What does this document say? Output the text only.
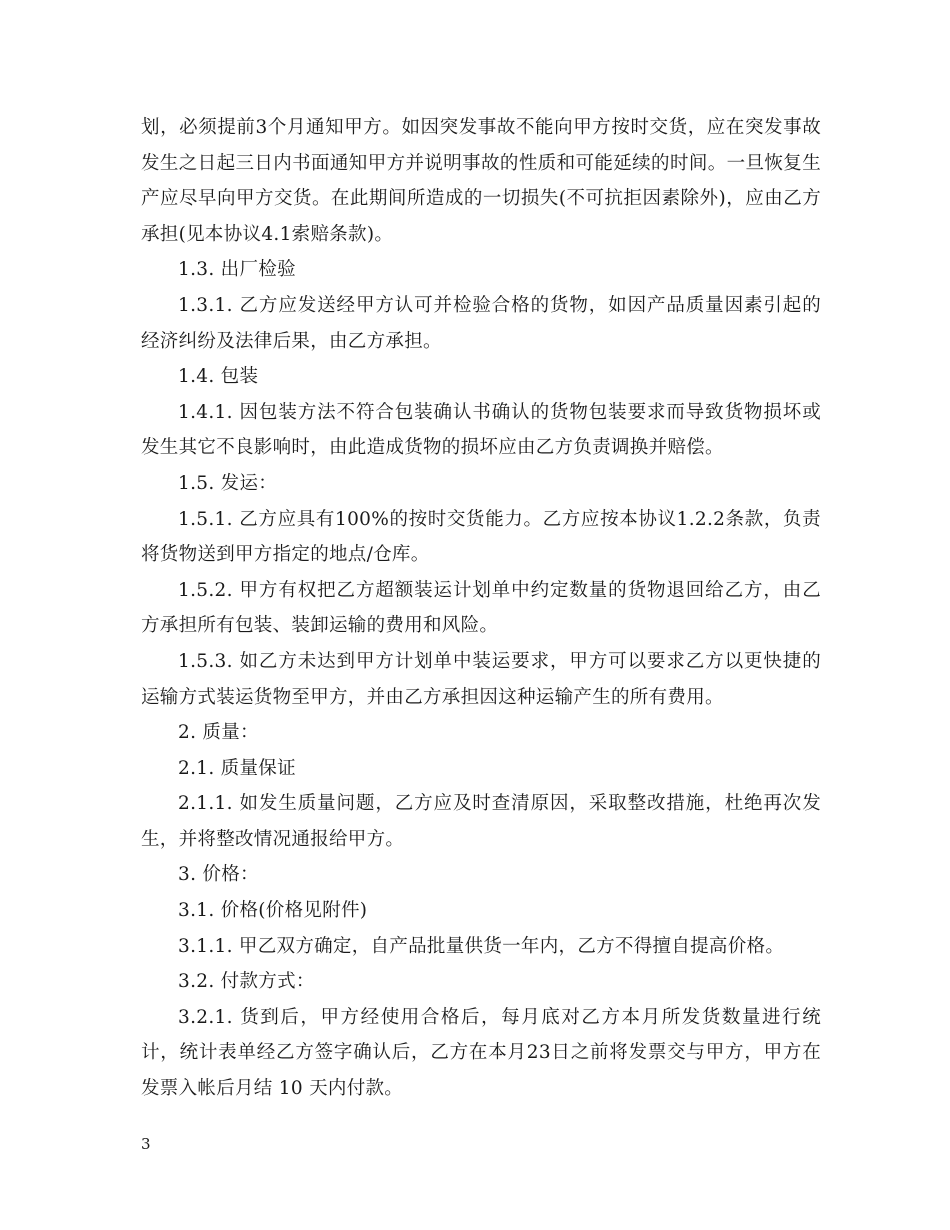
划，必须提前3个月通知甲方。如因突发事故不能向甲方按时交货，应在突发事故发生之日起三日内书面通知甲方并说明事故的性质和可能延续的时间。一旦恢复生产应尽早向甲方交货。在此期间所造成的一切损失(不可抗拒因素除外)，应由乙方承担(见本协议4.1索赔条款)。

1.3. 出厂检验

1.3.1. 乙方应发送经甲方认可并检验合格的货物，如因产品质量因素引起的经济纠纷及法律后果，由乙方承担。

1.4. 包装

1.4.1. 因包装方法不符合包装确认书确认的货物包装要求而导致货物损坏或发生其它不良影响时，由此造成货物的损坏应由乙方负责调换并赔偿。

1.5. 发运：

1.5.1. 乙方应具有100%的按时交货能力。乙方应按本协议1.2.2条款，负责将货物送到甲方指定的地点/仓库。

1.5.2. 甲方有权把乙方超额装运计划单中约定数量的货物退回给乙方，由乙方承担所有包装、装卸运输的费用和风险。

1.5.3. 如乙方未达到甲方计划单中装运要求，甲方可以要求乙方以更快捷的运输方式装运货物至甲方，并由乙方承担因这种运输产生的所有费用。

2. 质量：

2.1. 质量保证

2.1.1. 如发生质量问题，乙方应及时查清原因，采取整改措施，杜绝再次发生，并将整改情况通报给甲方。

3. 价格：

3.1. 价格(价格见附件)

3.1.1. 甲乙双方确定，自产品批量供货一年内，乙方不得擅自提高价格。

3.2. 付款方式：

3.2.1. 货到后，甲方经使用合格后，每月底对乙方本月所发货数量进行统计，统计表单经乙方签字确认后，乙方在本月23日之前将发票交与甲方，甲方在发票入帐后月结 10 天内付款。

3
